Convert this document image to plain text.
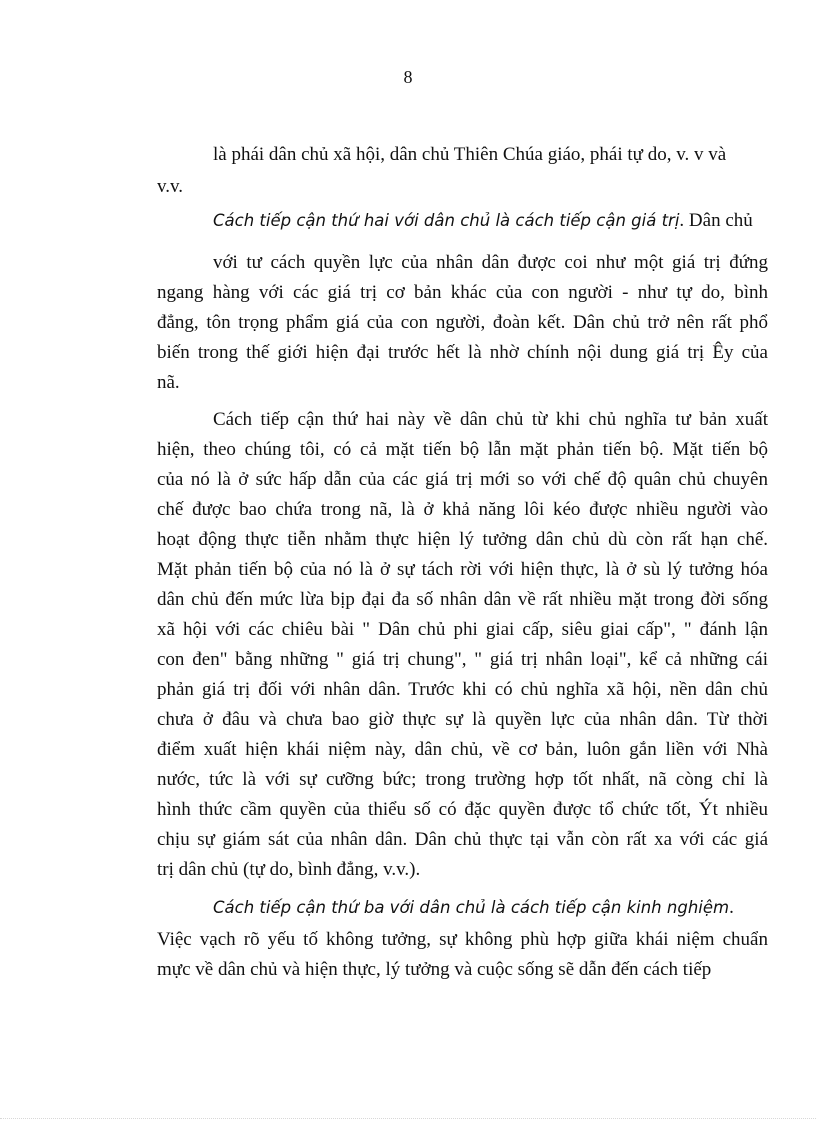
8
là phái dân chủ xã hội, dân chủ Thiên Chúa giáo, phái tự do, v. v và
v.v.
Cách tiếp cận thứ hai với dân chủ là cách tiếp cận giá trị. Dân chủ
với tư cách quyền lực của nhân dân được coi như một giá trị đứng
ngang hàng với các giá trị cơ bản khác của con người - như tự do, bình
đẳng, tôn trọng phẩm giá của con người, đoàn kết. Dân chủ trở nên rất phổ
biến trong thế giới hiện đại trước hết là nhờ chính nội dung giá trị Êy của
nã.
Cách tiếp cận thứ hai này về dân chủ từ khi chủ nghĩa tư bản xuất
hiện, theo chúng tôi, có cả mặt tiến bộ lẫn mặt phản tiến bộ. Mặt tiến bộ
của nó là ở sức hấp dẫn của các giá trị mới so với chế độ quân chủ chuyên
chế được bao chứa trong nã, là ở khả năng lôi kéo được nhiều người vào
hoạt động thực tiễn nhằm thực hiện lý tưởng dân chủ dù còn rất hạn chế.
Mặt phản tiến bộ của nó là ở sự tách rời với hiện thực, là ở sù lý tưởng hóa
dân chủ đến mức lừa bịp đại đa số nhân dân về rất nhiều mặt trong đời sống
xã hội với các chiêu bài " Dân chủ phi giai cấp, siêu giai cấp", " đánh lận
con đen" bằng những " giá trị chung", " giá trị nhân loại", kể cả những cái
phản giá trị đối với nhân dân. Trước khi có chủ nghĩa xã hội, nền dân chủ
chưa ở đâu và chưa bao giờ thực sự là quyền lực của nhân dân. Từ thời
điểm xuất hiện khái niệm này, dân chủ, về cơ bản, luôn gắn liền với Nhà
nước, tức là với sự cưỡng bức; trong trường hợp tốt nhất, nã còng chỉ là
hình thức cầm quyền của thiểu số có đặc quyền được tổ chức tốt, Ýt nhiều
chịu sự giám sát của nhân dân. Dân chủ thực tại vẫn còn rất xa với các giá
trị dân chủ (tự do, bình đẳng, v.v.).
Cách tiếp cận thứ ba với dân chủ là cách tiếp cận kinh nghiệm.
Việc vạch rõ yếu tố không tưởng, sự không phù hợp giữa khái niệm chuẩn
mực về dân chủ và hiện thực, lý tưởng và cuộc sống sẽ dẫn đến cách tiếp
